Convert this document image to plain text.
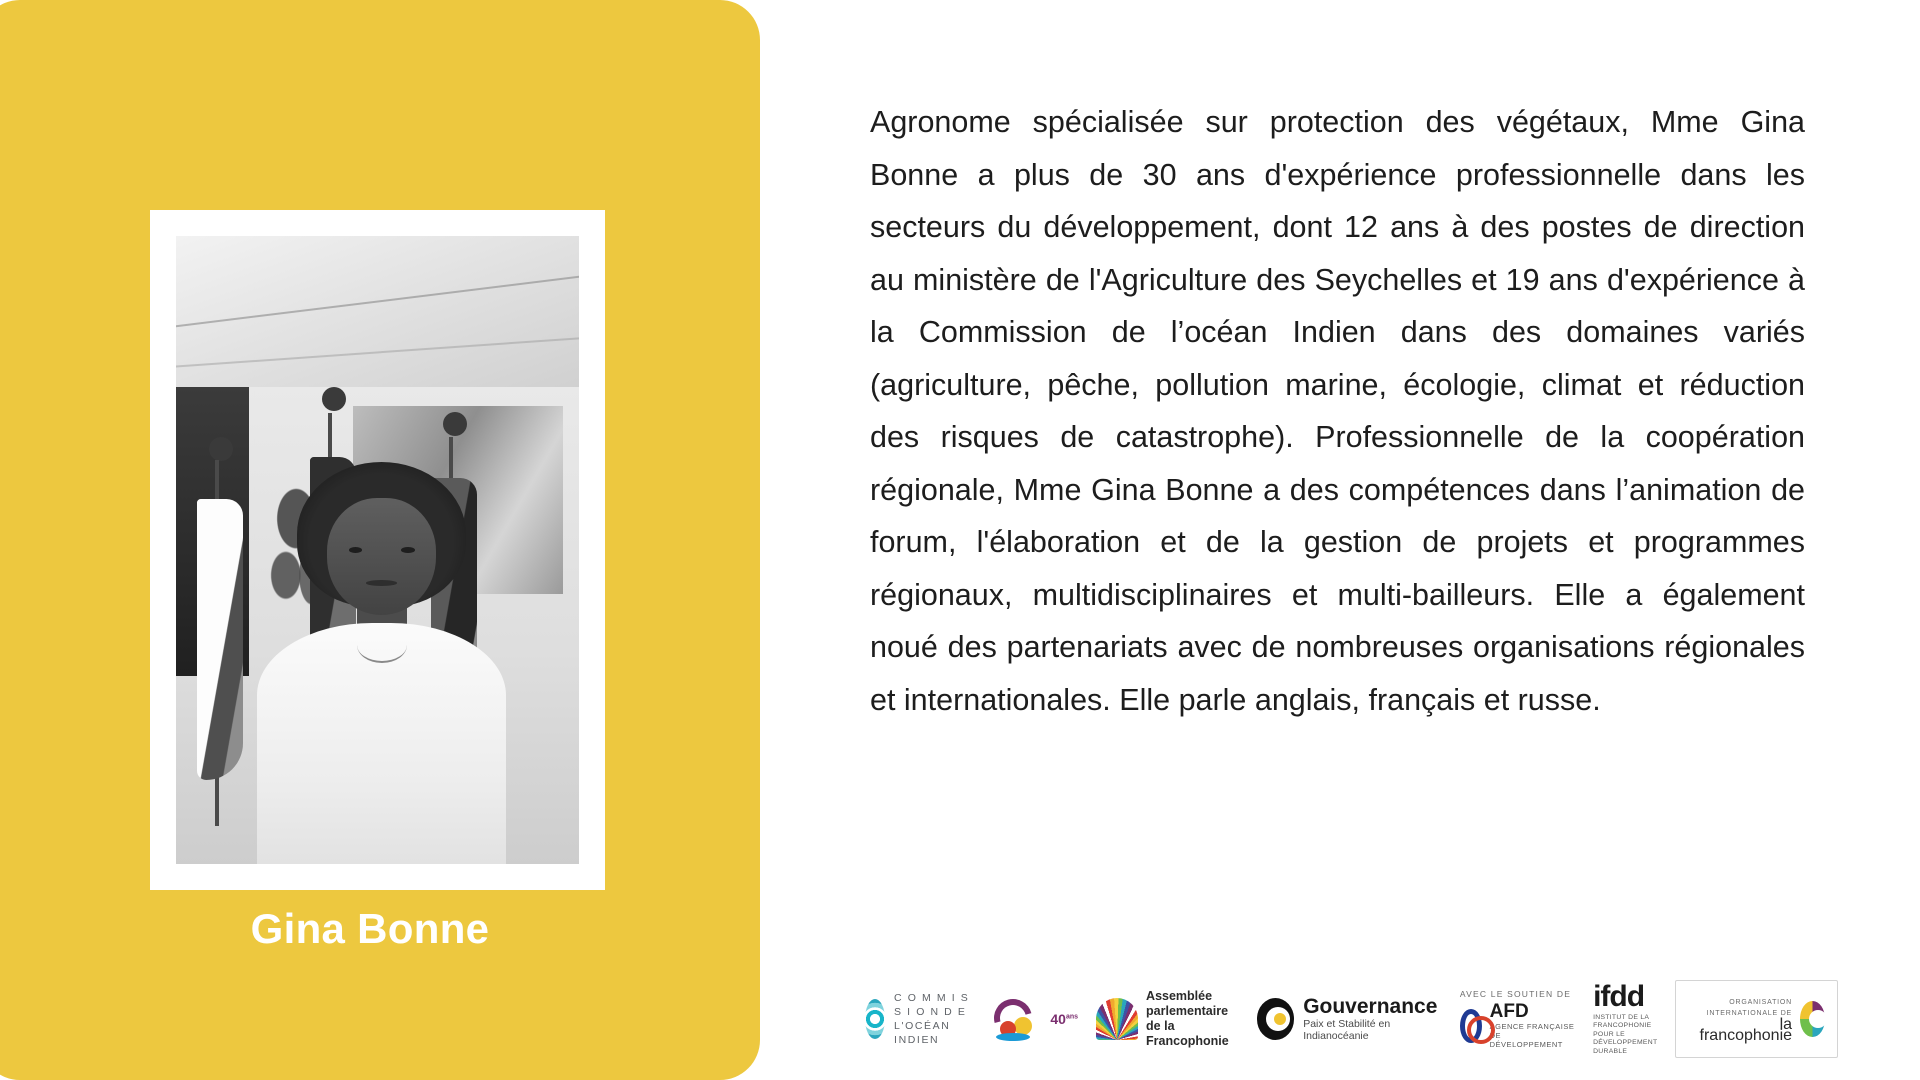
Gina Bonne

Agronome spécialisée sur protection des végétaux, Mme Gina Bonne a plus de 30 ans d'expérience professionnelle dans les secteurs du développement, dont 12 ans à des postes de direction au ministère de l'Agriculture des Seychelles et 19 ans d'expérience à la Commission de l’océan Indien dans des domaines variés (agriculture, pêche, pollution marine, écologie, climat et réduction des risques de catastrophe). Professionnelle de la coopération régionale, Mme Gina Bonne a des compétences dans l’animation de forum, l'élaboration et de la gestion de projets et programmes régionaux, multidisciplinaires et multi-bailleurs. Elle a également noué des partenariats avec de nombreuses organisations régionales et internationales. Elle parle anglais, français et russe.

C O M M I S S I O N D E
L'OCÉAN INDIEN
$40^{ans}$
Assemblée
parlementaire
de la Francophonie
Gouvernance
Paix et Stabilité en Indianocéanie
AVEC LE SOUTIEN DE
AFD
AGENCE FRANÇAISE DE DÉVELOPPEMENT
ifdd
INSTITUT DE LA FRANCOPHONIE
POUR LE DÉVELOPPEMENT DURABLE
ORGANISATION INTERNATIONALE DE
la francophonie
